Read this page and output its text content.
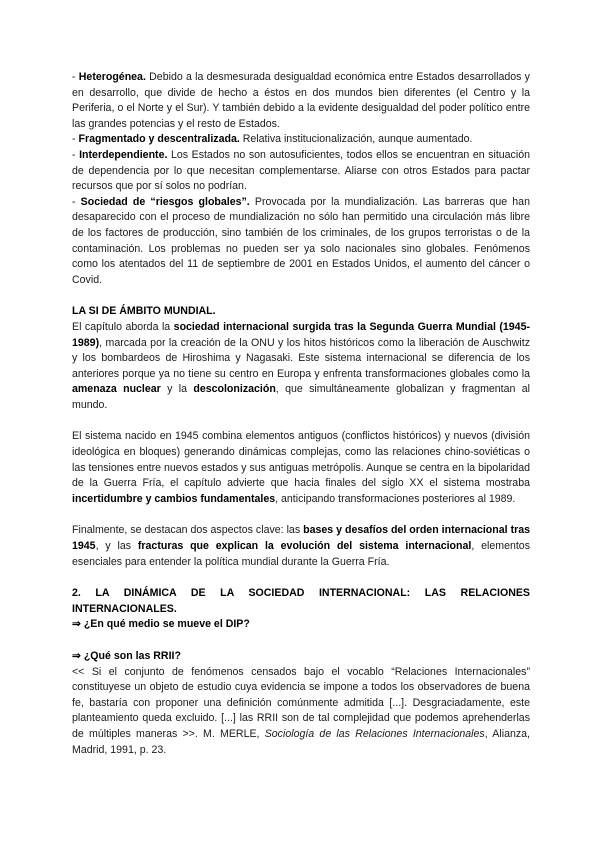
- Heterogénea. Debido a la desmesurada desigualdad económica entre Estados desarrollados y en desarrollo, que divide de hecho a éstos en dos mundos bien diferentes (el Centro y la Periferia, o el Norte y el Sur). Y también debido a la evidente desigualdad del poder político entre las grandes potencias y el resto de Estados.

- Fragmentado y descentralizada. Relativa institucionalización, aunque aumentado.

- Interdependiente. Los Estados no son autosuficientes, todos ellos se encuentran en situación de dependencia por lo que necesitan complementarse. Aliarse con otros Estados para pactar recursos que por sí solos no podrían.

- Sociedad de “riesgos globales”. Provocada por la mundialización. Las barreras que han desaparecido con el proceso de mundialización no sólo han permitido una circulación más libre de los factores de producción, sino también de los criminales, de los grupos terroristas o de la contaminación. Los problemas no pueden ser ya solo nacionales sino globales. Fenómenos como los atentados del 11 de septiembre de 2001 en Estados Unidos, el aumento del cáncer o Covid.

LA SI DE ÁMBITO MUNDIAL.

El capítulo aborda la sociedad internacional surgida tras la Segunda Guerra Mundial (1945-1989), marcada por la creación de la ONU y los hitos históricos como la liberación de Auschwitz y los bombardeos de Hiroshima y Nagasaki. Este sistema internacional se diferencia de los anteriores porque ya no tiene su centro en Europa y enfrenta transformaciones globales como la amenaza nuclear y la descolonización, que simultáneamente globalizan y fragmentan al mundo.

El sistema nacido en 1945 combina elementos antiguos (conflictos históricos) y nuevos (división ideológica en bloques) generando dinámicas complejas, como las relaciones chino-soviéticas o las tensiones entre nuevos estados y sus antiguas metrópolis. Aunque se centra en la bipolaridad de la Guerra Fría, el capítulo advierte que hacia finales del siglo XX el sistema mostraba incertidumbre y cambios fundamentales, anticipando transformaciones posteriores al 1989.

Finalmente, se destacan dos aspectos clave: las bases y desafíos del orden internacional tras 1945, y las fracturas que explican la evolución del sistema internacional, elementos esenciales para entender la política mundial durante la Guerra Fría.

2. LA DINÁMICA DE LA SOCIEDAD INTERNACIONAL: LAS RELACIONES INTERNACIONALES.

⇒ ¿En qué medio se mueve el DIP?

⇒ ¿Qué son las RRII?

<< Si el conjunto de fenómenos censados bajo el vocablo “Relaciones Internacionales” constituyese un objeto de estudio cuya evidencia se impone a todos los observadores de buena fe, bastaría con proponer una definición comúnmente admitida [...]. Desgraciadamente, este planteamiento queda excluido. [...] las RRII son de tal complejidad que podemos aprehenderlas de múltiples maneras >>. M. MERLE, Sociología de las Relaciones Internacionales, Alianza, Madrid, 1991, p. 23.
